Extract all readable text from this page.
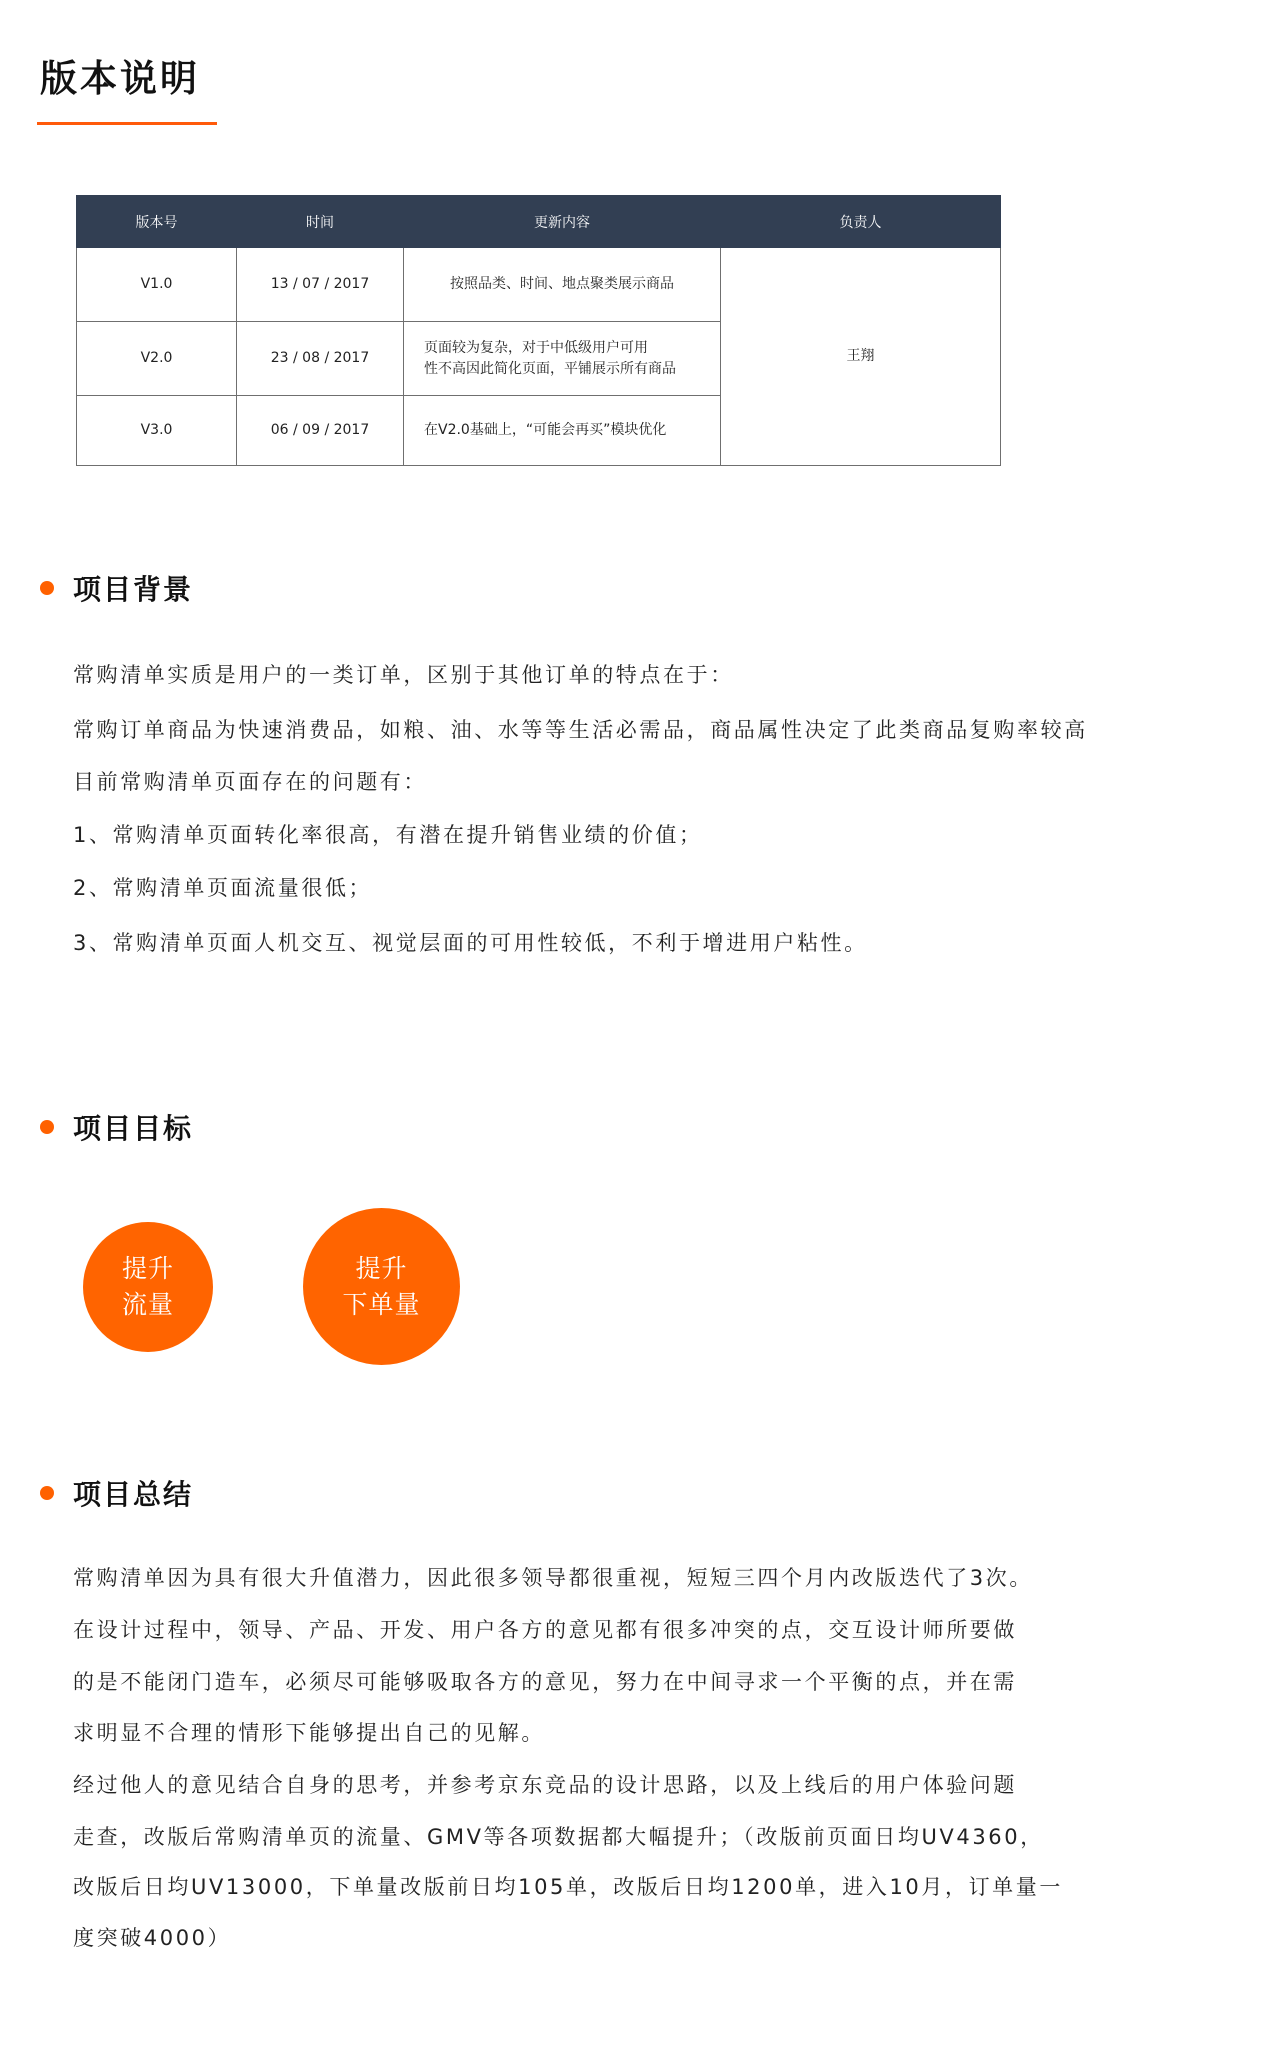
版本说明
版本号	时间	更新内容	负责人
V1.0	13 / 07 / 2017	按照品类、时间、地点聚类展示商品	王翔
V2.0	23 / 08 / 2017	页面较为复杂，对于中低级用户可用
性不高因此简化页面，平铺展示所有商品	

V3.0	06 / 09 / 2017	在V2.0基础上，“可能会再买”模块优化	
项目背景
常购清单实质是用户的一类订单，区别于其他订单的特点在于：
常购订单商品为快速消费品，如粮、油、水等等生活必需品，商品属性决定了此类商品复购率较高
目前常购清单页面存在的问题有：
1、常购清单页面转化率很高，有潜在提升销售业绩的价值；
2、常购清单页面流量很低；
3、常购清单页面人机交互、视觉层面的可用性较低，不利于增进用户粘性。
项目目标
提升
流量
提升
下单量
项目总结
常购清单因为具有很大升值潜力，因此很多领导都很重视，短短三四个月内改版迭代了3次。
在设计过程中，领导、产品、开发、用户各方的意见都有很多冲突的点，交互设计师所要做
的是不能闭门造车，必须尽可能够吸取各方的意见，努力在中间寻求一个平衡的点，并在需
求明显不合理的情形下能够提出自己的见解。
经过他人的意见结合自身的思考，并参考京东竞品的设计思路，以及上线后的用户体验问题
走查，改版后常购清单页的流量、GMV等各项数据都大幅提升；（改版前页面日均UV4360，
改版后日均UV13000，下单量改版前日均105单，改版后日均1200单，进入10月，订单量一
度突破4000）
